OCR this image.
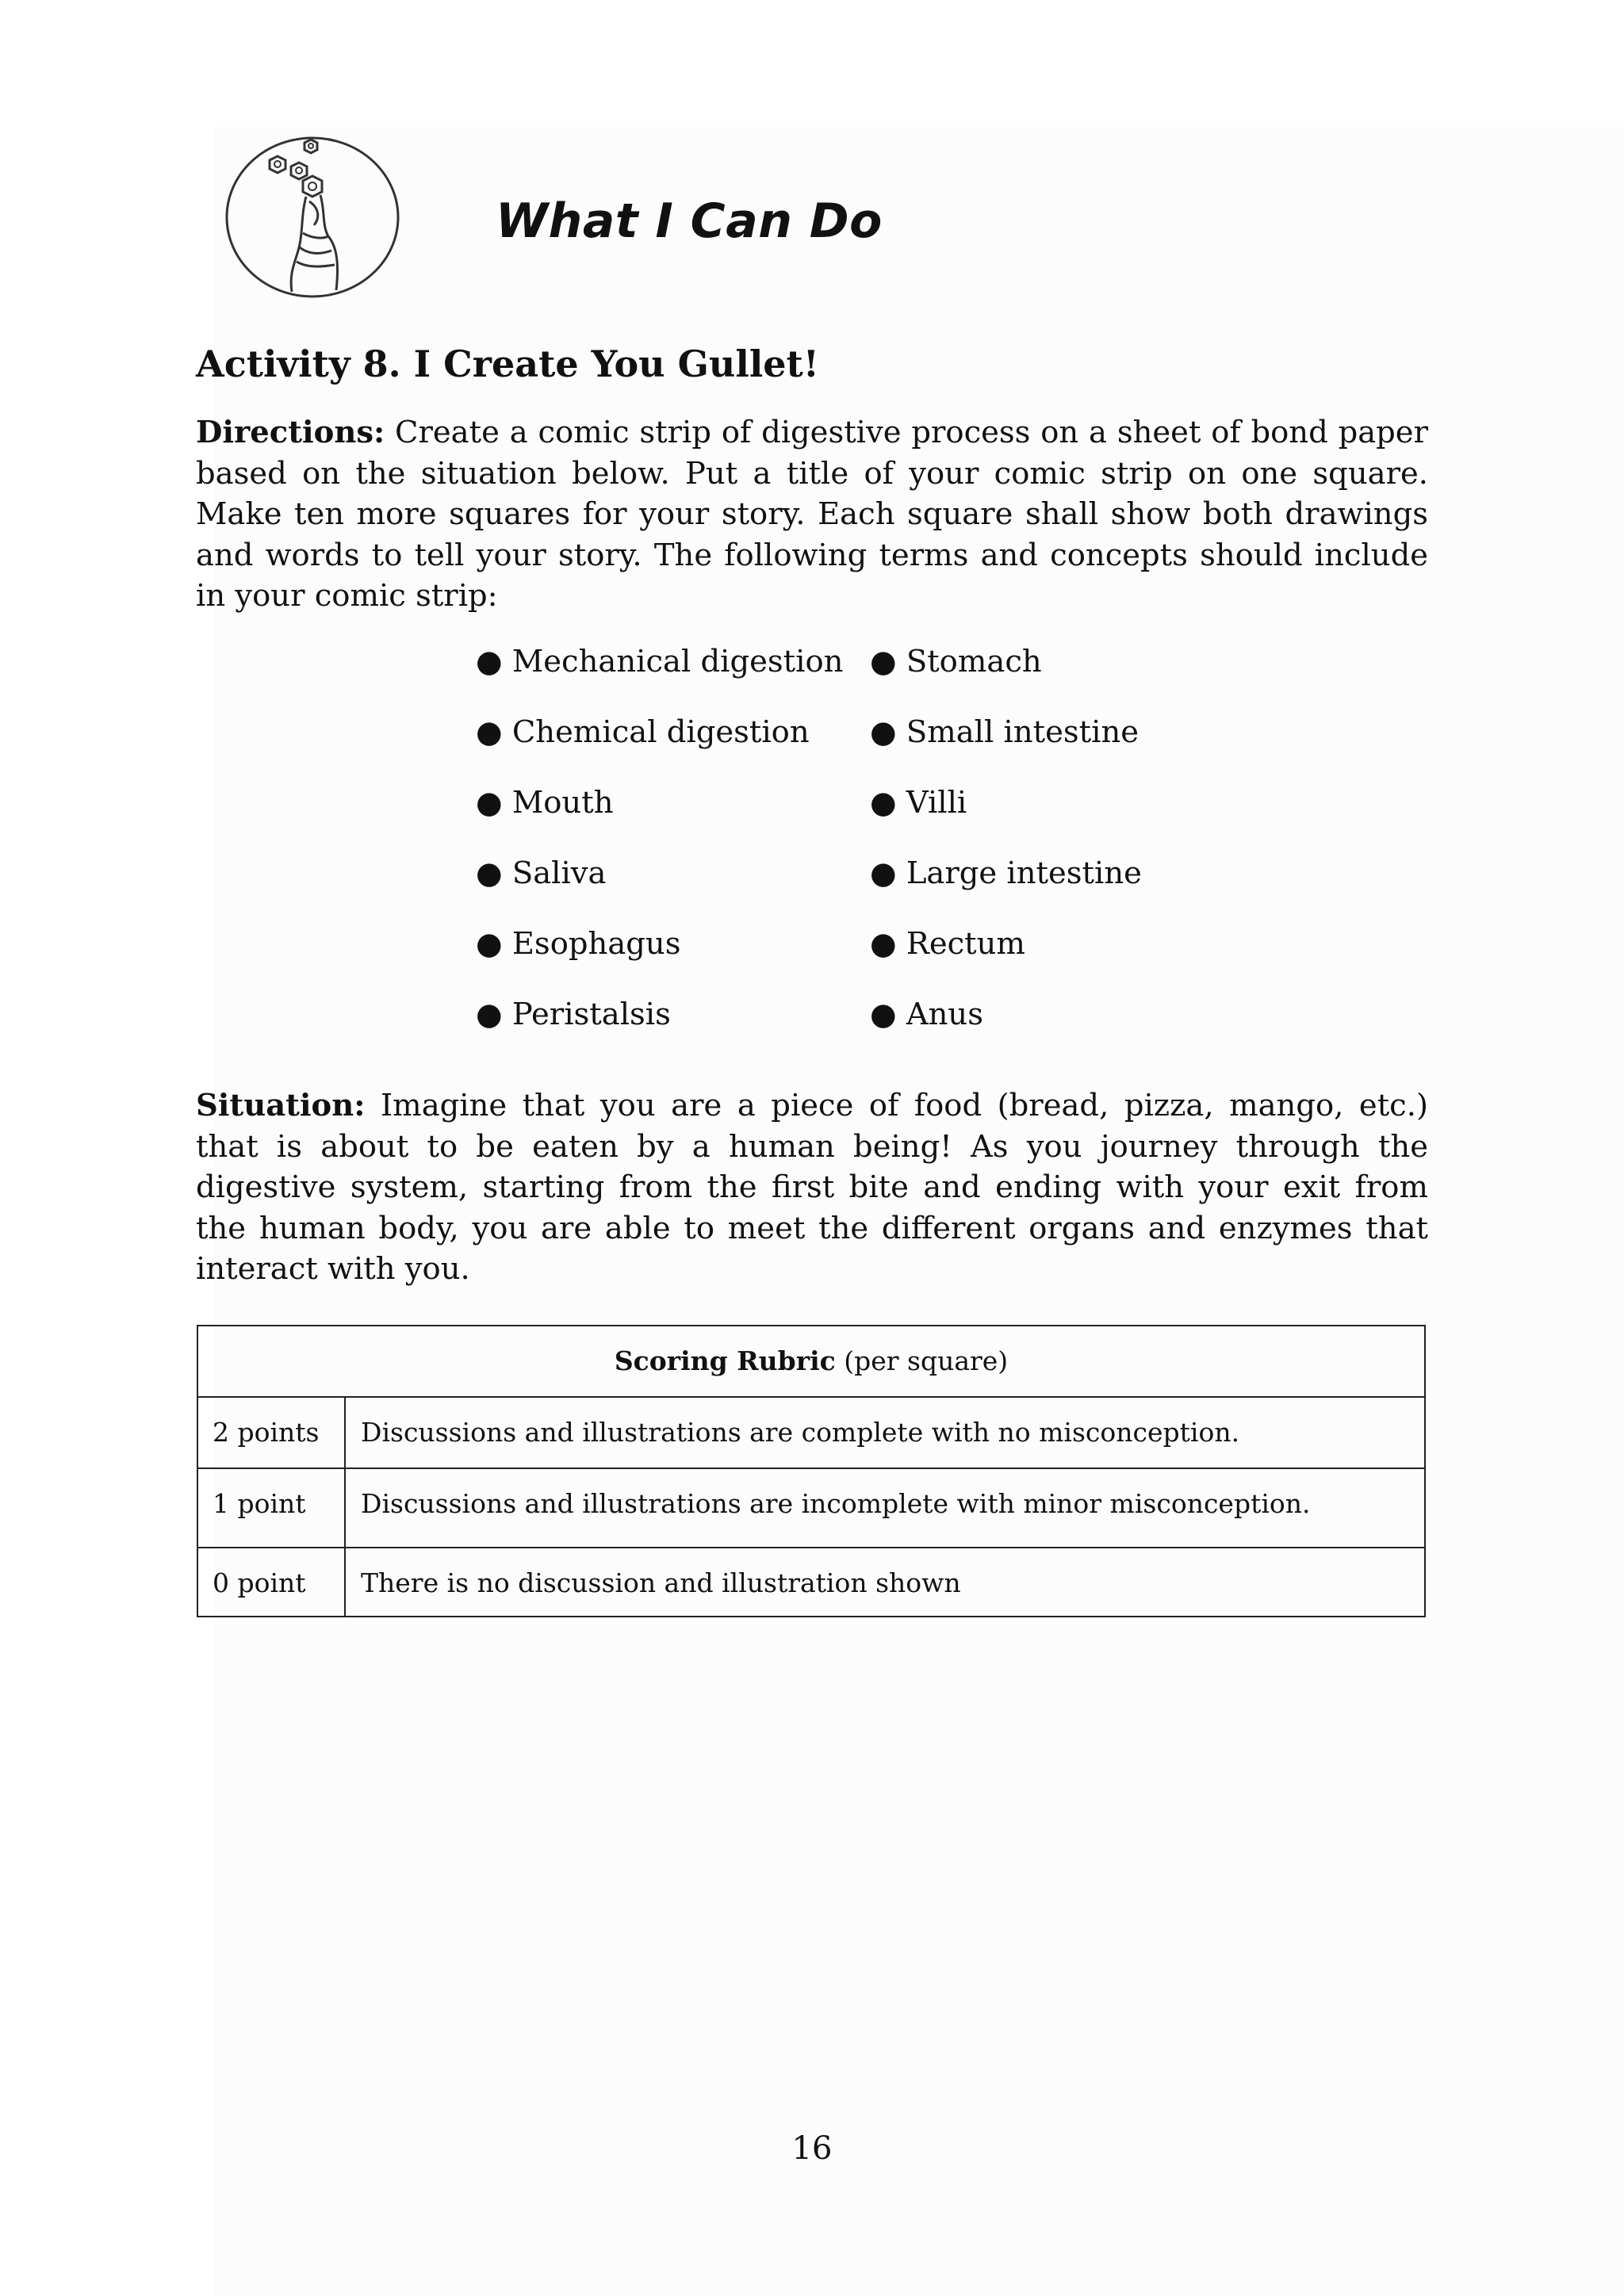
What I Can Do
Activity 8. I Create You Gullet!
Directions: Create a comic strip of digestive process on a sheet of bond paper based on the situation below. Put a title of your comic strip on one square. Make ten more squares for your story. Each square shall show both drawings and words to tell your story. The following terms and concepts should include in your comic strip:
● Mechanical digestion
● Chemical digestion
● Mouth
● Saliva
● Esophagus
● Peristalsis
● Stomach
● Small intestine
● Villi
● Large intestine
● Rectum
● Anus
Situation: Imagine that you are a piece of food (bread, pizza, mango, etc.) that is about to be eaten by a human being! As you journey through the digestive system, starting from the first bite and ending with your exit from the human body, you are able to meet the different organs and enzymes that interact with you.
Scoring Rubric (per square)
2 points Discussions and illustrations are complete with no misconception.
1 point Discussions and illustrations are incomplete with minor misconception.
0 point There is no discussion and illustration shown
16
